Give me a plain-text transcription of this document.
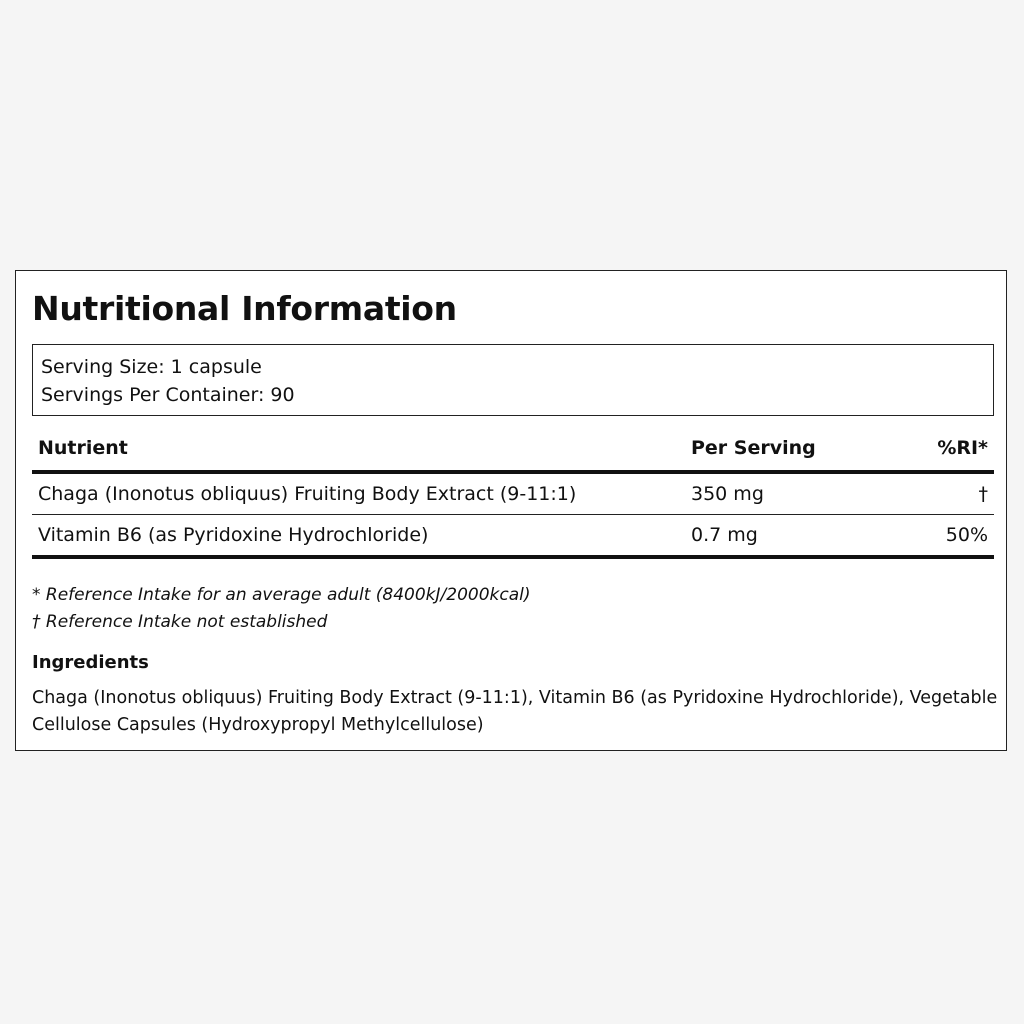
Nutritional Information
Serving Size: 1 capsule
Servings Per Container: 90
Nutrient	Per Serving	%RI*
Chaga (Inonotus obliquus) Fruiting Body Extract (9-11:1)	350 mg	†
Vitamin B6 (as Pyridoxine Hydrochloride)	0.7 mg	50%
* Reference Intake for an average adult (8400kJ/2000kcal)
† Reference Intake not established
Ingredients

Chaga (Inonotus obliquus) Fruiting Body Extract (9-11:1), Vitamin B6 (as Pyridoxine Hydrochloride), Vegetable Cellulose Capsules (Hydroxypropyl Methylcellulose)
